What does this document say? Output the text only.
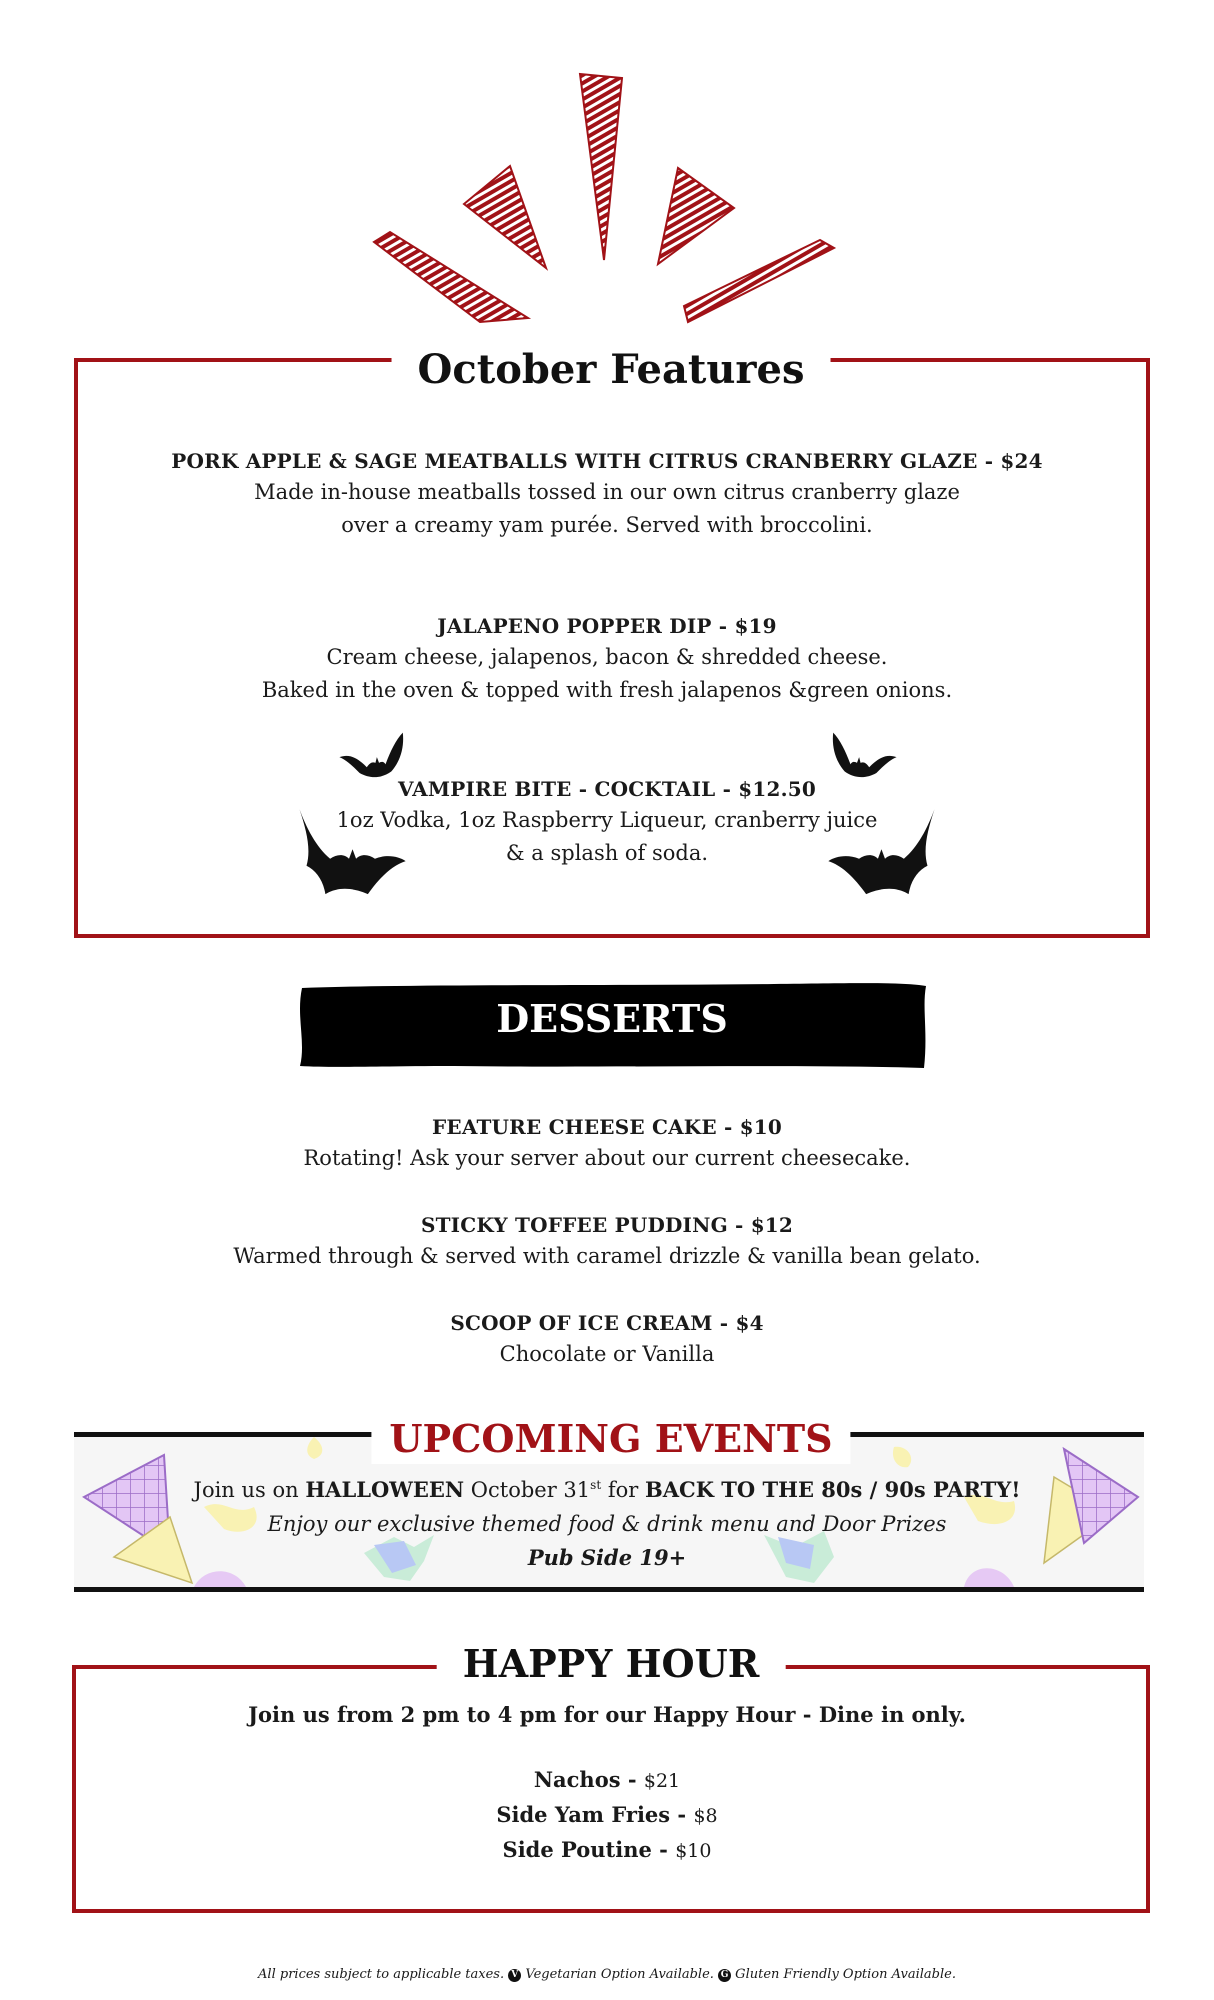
October Features
PORK APPLE & SAGE MEATBALLS WITH CITRUS CRANBERRY GLAZE - $24
Made in-house meatballs tossed in our own citrus cranberry glaze
over a creamy yam purée. Served with broccolini.
JALAPENO POPPER DIP - $19
Cream cheese, jalapenos, bacon & shredded cheese.
Baked in the oven & topped with fresh jalapenos &green onions.
VAMPIRE BITE - COCKTAIL - $12.50
1oz Vodka, 1oz Raspberry Liqueur, cranberry juice
& a splash of soda.
DESSERTS
FEATURE CHEESE CAKE - $10
Rotating! Ask your server about our current cheesecake.
STICKY TOFFEE PUDDING - $12
Warmed through & served with caramel drizzle & vanilla bean gelato.
SCOOP OF ICE CREAM - $4
Chocolate or Vanilla
UPCOMING EVENTS
Join us on HALLOWEEN October 31st for BACK TO THE 80s / 90s PARTY!
Enjoy our exclusive themed food & drink menu and Door Prizes
Pub Side 19+
HAPPY HOUR
Join us from 2 pm to 4 pm for our Happy Hour - Dine in only.
Nachos - $21
Side Yam Fries - $8
Side Poutine - $10
All prices subject to applicable taxes. V Vegetarian Option Available. G Gluten Friendly Option Available.
